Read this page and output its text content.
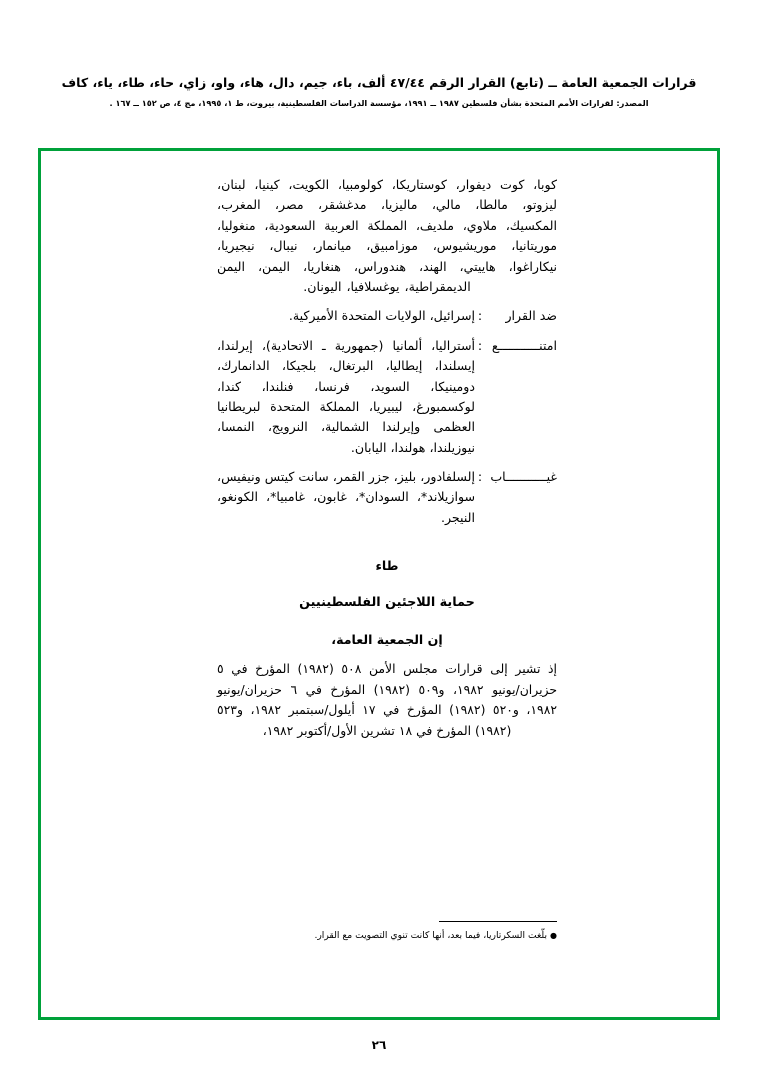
قرارات الجمعية العامة ــ (تابع) القرار الرقم ٤٧/٤٤ ألف، باء، جيم، دال، هاء، واو، زاي، حاء، طاء، ياء، كاف
المصدر: لقرارات الأمم المتحدة بشأن فلسطين ١٩٨٧ ــ ١٩٩١، مؤسسة الدراسات الفلسطينية، بيروت، ط ١، ١٩٩٥، مج ٤، ص ١٥٢ ــ ١٦٧ .

كوبا، كوت ديفوار، كوستاريكا، كولومبيا، الكويت، كينيا، لبنان، ليزوتو، مالطا، مالي، ماليزيا، مدغشقر، مصر، المغرب، المكسيك، ملاوي، ملديف، المملكة العربية السعودية، منغوليا، موريتانيا، موريشيوس، موزامبيق، ميانمار، نيبال، نيجيريا، نيكاراغوا، هاييتي، الهند، هندوراس، هنغاريا، اليمن، اليمن الديمقراطية، يوغسلافيا، اليونان.

ضد القرار
:
إسرائيل، الولايات المتحدة الأميركية.
امتنـــــــــــع
:
أستراليا، ألمانيا (جمهورية ـ الاتحادية)، إيرلندا، إيسلندا، إيطاليا، البرتغال، بلجيكا، الدانمارك، دومينيكا، السويد، فرنسا، فنلندا، كندا، لوكسمبورغ، ليبيريا، المملكة المتحدة لبريطانيا العظمى وإيرلندا الشمالية، النرويج، النمسا، نيوزيلندا، هولندا، اليابان.
غيـــــــــــاب
:
إلسلفادور، بليز، جزر القمر، سانت كيتس ونيفيس، سوازيلاند*، السودان*، غابون، غامبيا*، الكونغو، النيجر.
طاء
حماية اللاجئين الفلسطينيين
إن الجمعية العامة،
إذ تشير إلى قرارات مجلس الأمن ٥٠٨ (١٩٨٢) المؤرخ في ٥ حزيران/يونيو ١٩٨٢، و٥٠٩ (١٩٨٢) المؤرخ في ٦ حزيران/يونيو ١٩٨٢، و٥٢٠ (١٩٨٢) المؤرخ في ١٧ أيلول/سبتمبر ١٩٨٢، و٥٢٣ (١٩٨٢) المؤرخ في ١٨ تشرين الأول/أكتوبر ١٩٨٢،
●بلّغت السكرتاريا، فيما بعد، أنها كانت تنوي التصويت مع القرار.
٢٦
